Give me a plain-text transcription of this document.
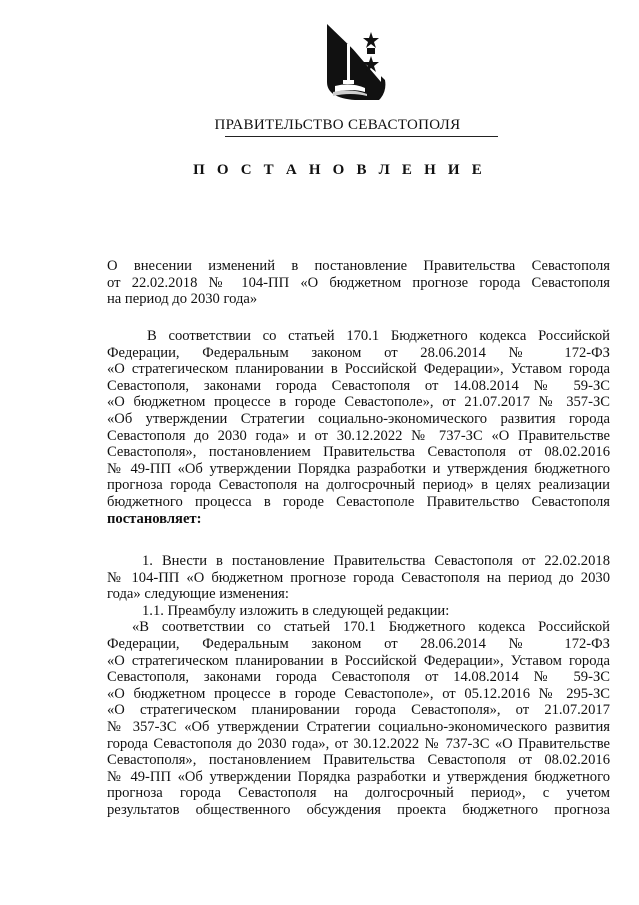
ПРАВИТЕЛЬСТВО СЕВАСТОПОЛЯ
П О С Т А Н О В Л Е Н И Е
О внесении изменений в постановление Правительства Севастополя
от 22.02.2018 № 104-ПП «О бюджетном прогнозе города Севастополя
на период до 2030 года»
В соответствии со статьей 170.1 Бюджетного кодекса Российской
Федерации, Федеральным законом от 28.06.2014 № 172-ФЗ
«О стратегическом планировании в Российской Федерации», Уставом города
Севастополя, законами города Севастополя от 14.08.2014 № 59-ЗС
«О бюджетном процессе в городе Севастополе», от 21.07.2017 № 357-ЗС
«Об утверждении Стратегии социально-экономического развития города
Севастополя до 2030 года» и от 30.12.2022 № 737-ЗС «О Правительстве
Севастополя», постановлением Правительства Севастополя от 08.02.2016
№ 49-ПП «Об утверждении Порядка разработки и утверждения бюджетного
прогноза города Севастополя на долгосрочный период» в целях реализации
бюджетного процесса в городе Севастополе Правительство Севастополя
постановляет:
1. Внести в постановление Правительства Севастополя от 22.02.2018
№ 104-ПП «О бюджетном прогнозе города Севастополя на период до 2030
года» следующие изменения:
1.1. Преамбулу изложить в следующей редакции:
«В соответствии со статьей 170.1 Бюджетного кодекса Российской
Федерации, Федеральным законом от 28.06.2014 № 172-ФЗ
«О стратегическом планировании в Российской Федерации», Уставом города
Севастополя, законами города Севастополя от 14.08.2014 № 59-ЗС
«О бюджетном процессе в городе Севастополе», от 05.12.2016 № 295-ЗС
«О стратегическом планировании города Севастополя», от 21.07.2017
№ 357-ЗС «Об утверждении Стратегии социально-экономического развития
города Севастополя до 2030 года», от 30.12.2022 № 737-ЗС «О Правительстве
Севастополя», постановлением Правительства Севастополя от 08.02.2016
№ 49-ПП «Об утверждении Порядка разработки и утверждения бюджетного
прогноза города Севастополя на долгосрочный период», с учетом
результатов общественного обсуждения проекта бюджетного прогноза
